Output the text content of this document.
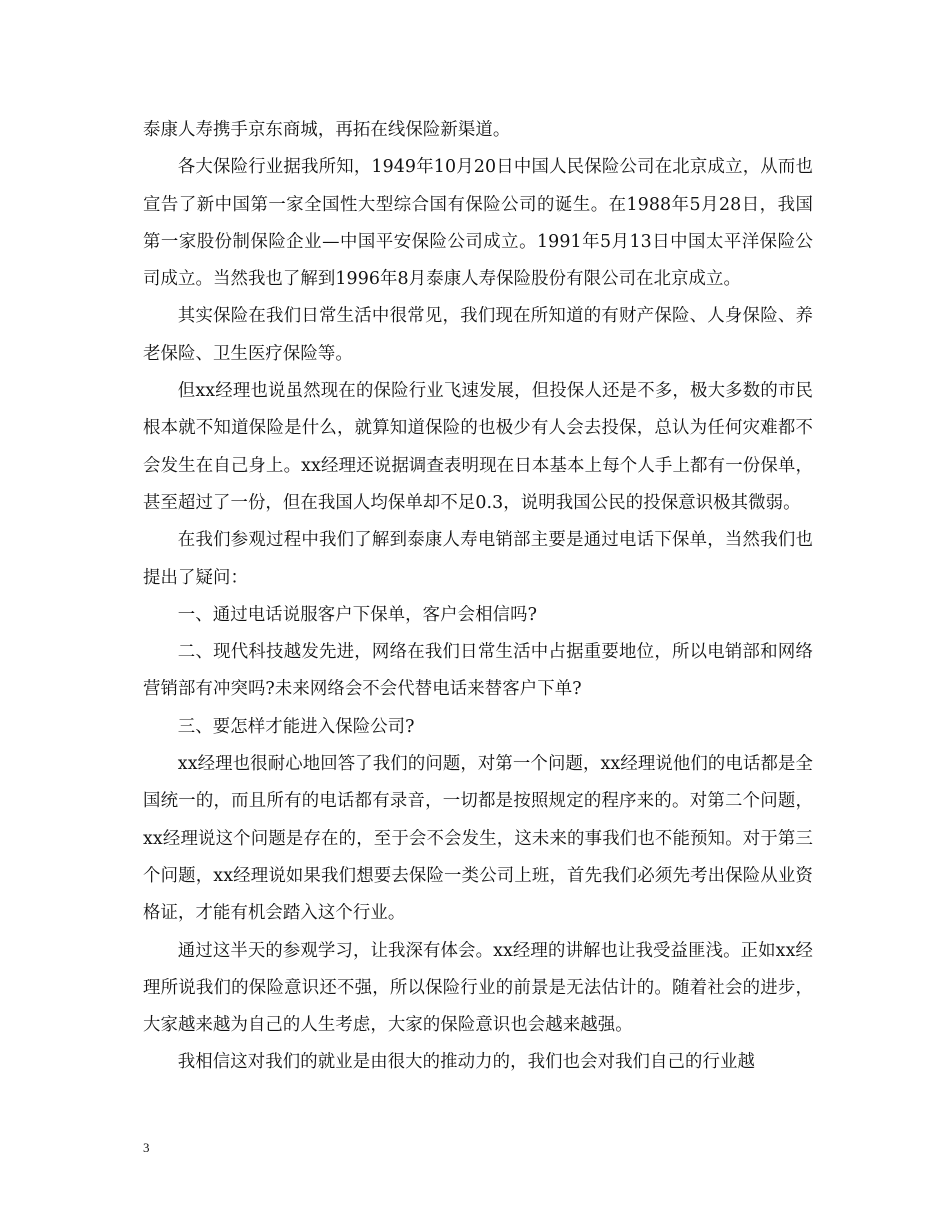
泰康人寿携手京东商城，再拓在线保险新渠道。

各大保险行业据我所知，1949年10月20日中国人民保险公司在北京成立，从而也宣告了新中国第一家全国性大型综合国有保险公司的诞生。在1988年5月28日，我国第一家股份制保险企业—中国平安保险公司成立。1991年5月13日中国太平洋保险公司成立。当然我也了解到1996年8月泰康人寿保险股份有限公司在北京成立。

其实保险在我们日常生活中很常见，我们现在所知道的有财产保险、人身保险、养老保险、卫生医疗保险等。

但xx经理也说虽然现在的保险行业飞速发展，但投保人还是不多，极大多数的市民根本就不知道保险是什么，就算知道保险的也极少有人会去投保，总认为任何灾难都不会发生在自己身上。xx经理还说据调查表明现在日本基本上每个人手上都有一份保单，甚至超过了一份，但在我国人均保单却不足0.3，说明我国公民的投保意识极其微弱。

在我们参观过程中我们了解到泰康人寿电销部主要是通过电话下保单，当然我们也提出了疑问：

一、通过电话说服客户下保单，客户会相信吗?

二、现代科技越发先进，网络在我们日常生活中占据重要地位，所以电销部和网络营销部有冲突吗?未来网络会不会代替电话来替客户下单?

三、要怎样才能进入保险公司?

xx经理也很耐心地回答了我们的问题，对第一个问题，xx经理说他们的电话都是全国统一的，而且所有的电话都有录音，一切都是按照规定的程序来的。对第二个问题，xx经理说这个问题是存在的，至于会不会发生，这未来的事我们也不能预知。对于第三个问题，xx经理说如果我们想要去保险一类公司上班，首先我们必须先考出保险从业资格证，才能有机会踏入这个行业。

通过这半天的参观学习，让我深有体会。xx经理的讲解也让我受益匪浅。正如xx经理所说我们的保险意识还不强，所以保险行业的前景是无法估计的。随着社会的进步，大家越来越为自己的人生考虑，大家的保险意识也会越来越强。

我相信这对我们的就业是由很大的推动力的，我们也会对我们自己的行业越

3
